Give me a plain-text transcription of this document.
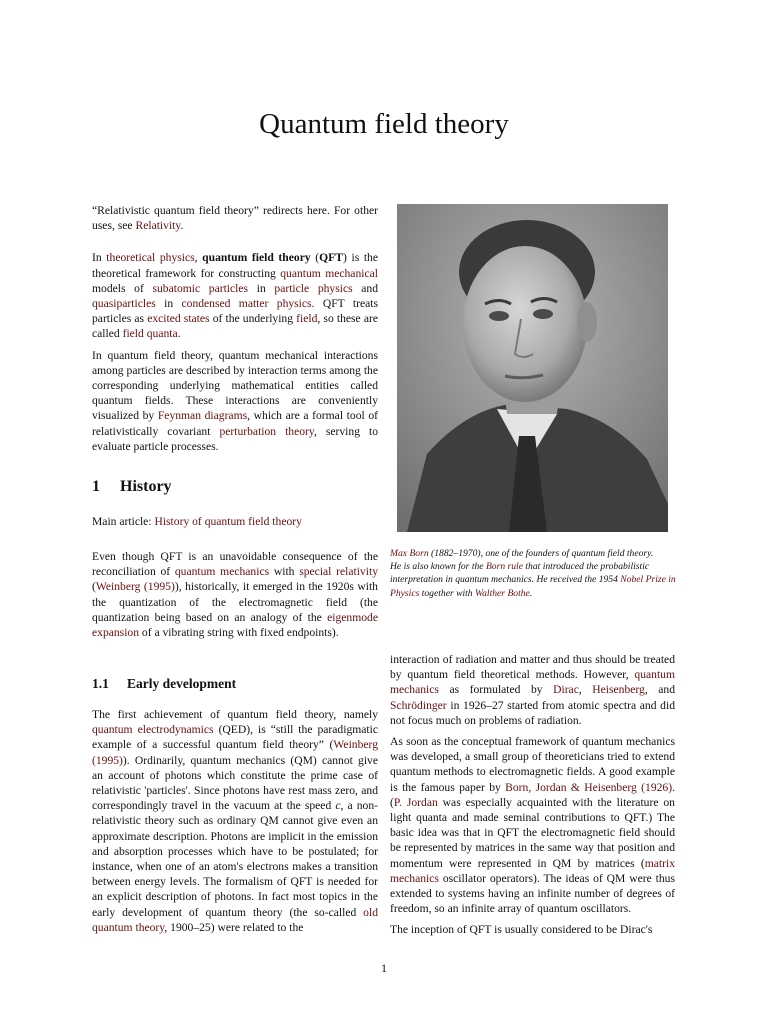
Quantum field theory

“Relativistic quantum field theory” redirects here. For other uses, see Relativity.

In theoretical physics, quantum field theory (QFT) is the theoretical framework for constructing quantum mechanical models of subatomic particles in particle physics and quasiparticles in condensed matter physics. QFT treats particles as excited states of the underlying field, so these are called field quanta.

In quantum field theory, quantum mechanical interactions among particles are described by interaction terms among the corresponding underlying mathematical entities called quantum fields. These interactions are conveniently visualized by Feynman diagrams, which are a formal tool of relativistically covariant perturbation theory, serving to evaluate particle processes.

1 History

Main article: History of quantum field theory

Even though QFT is an unavoidable consequence of the reconciliation of quantum mechanics with special relativity (Weinberg (1995)), historically, it emerged in the 1920s with the quantization of the electromagnetic field (the quantization being based on an analogy of the eigenmode expansion of a vibrating string with fixed endpoints).

1.1 Early development

The first achievement of quantum field theory, namely quantum electrodynamics (QED), is “still the paradigmatic example of a successful quantum field theory” (Weinberg (1995)). Ordinarily, quantum mechanics (QM) cannot give an account of photons which constitute the prime case of relativistic 'particles'. Since photons have rest mass zero, and correspondingly travel in the vacuum at the speed c, a non-relativistic theory such as ordinary QM cannot give even an approximate description. Photons are implicit in the emission and absorption processes which have to be postulated; for instance, when one of an atom's electrons makes a transition between energy levels. The formalism of QFT is needed for an explicit description of photons. In fact most topics in the early development of quantum theory (the so-called old quantum theory, 1900–25) were related to the

Max Born (1882–1970), one of the founders of quantum field theory.

He is also known for the Born rule that introduced the probabilistic interpretation in quantum mechanics. He received the 1954 Nobel Prize in Physics together with Walther Bothe.

interaction of radiation and matter and thus should be treated by quantum field theoretical methods. However, quantum mechanics as formulated by Dirac, Heisenberg, and Schrödinger in 1926–27 started from atomic spectra and did not focus much on problems of radiation.

As soon as the conceptual framework of quantum mechanics was developed, a small group of theoreticians tried to extend quantum methods to electromagnetic fields. A good example is the famous paper by Born, Jordan & Heisenberg (1926). (P. Jordan was especially acquainted with the literature on light quanta and made seminal contributions to QFT.) The basic idea was that in QFT the electromagnetic field should be represented by matrices in the same way that position and momentum were represented in QM by matrices (matrix mechanics oscillator operators). The ideas of QM were thus extended to systems having an infinite number of degrees of freedom, so an infinite array of quantum oscillators.

The inception of QFT is usually considered to be Dirac's

1
